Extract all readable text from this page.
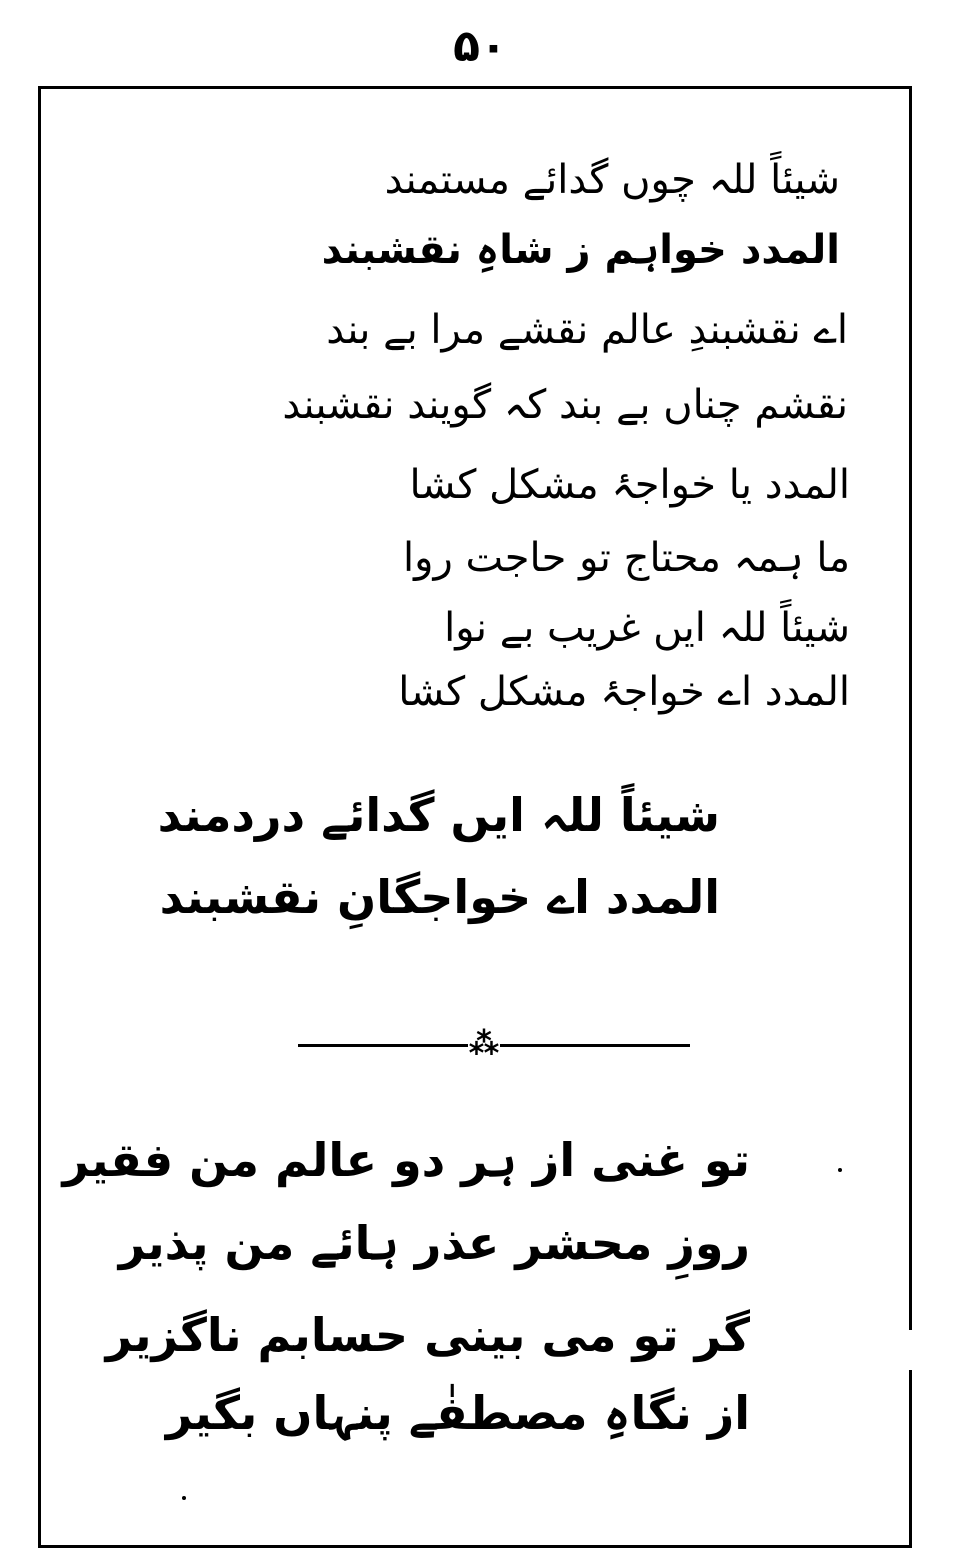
۵۰
شیئاً للہ چوں گدائے مستمند
المدد خواہم ز شاہِ نقشبند
اے نقشبندِ عالم نقشے مرا بے بند
نقشم چناں بے بند کہ گویند نقشبند
المدد یا خواجۂ مشکل کشا
ما ہمہ محتاج تو حاجت روا
شیئاً للہ ایں غریب بے نوا
المدد اے خواجۂ مشکل کشا
شیئاً للہ ایں گدائے دردمند
المدد اے خواجگانِ نقشبند
⁂
تو غنی از ہر دو عالم من فقیر
روزِ محشر عذر ہائے من پذیر
گر تو می بینی حسابم ناگزیر
از نگاہِ مصطفٰے پنہاں بگیر
